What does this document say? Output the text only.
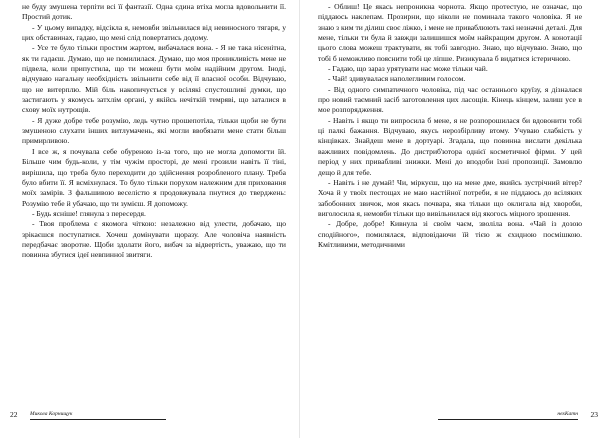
не буду змушена терпіти всі її фантазії. Одна єдина втіха могла вдовольнити її. Простий дотик.

- У цьому випадку, відсікла я, немовби звільнилася від невиносного тягаря, у цих обставинах, гадаю, що мені слід повертатись додому.

- Усе те було тільки простим жартом, вибачалася вона. - Я не така нісенітна, як ти гадаєш. Думаю, що не помилилася. Думаю, що моя проникливість мене не підвела, коли припустила, що ти можеш бути моїм надійним другом. Іноді, відчуваю нагальну необхідність звільнити себе від її власної особи. Відчуваю, що не витерплю. Мій біль накопичується у всілякі спустошливі думки, що застигають у якомусь затхлім органі, у якійсь нечіткій темряві, що заталися в схову моїх нутрощів.

- Я дуже добре тебе розумію, ледь чутно прошепотіла, тільки щоби не бути змушеною слухати інших витлумачень, які могли ввобязати мене стати більш примирливою.

І все ж, я почувала себе обуреною із-за того, що не могла допомогти їй. Більше чим будь-коли, у тім чужім просторі, де мені грозили навіть її тіні, вирішила, що треба було переходити до здійснення розробленого плану. Треба було вбити її. Я всміхнулася. То було тільки порухом належним для приховання моїх замірів. З фальшивою веселістю я продовжувала пнутися до тверджень: Розумію тебе й убачаю, що ти зумієш. Я допоможу.

- Будь ясніше! глянула з пересердя.

- Твоя проблема є якомога чіткою: незалежно від улести, добачаю, що зрікаєшся поступатися. Хочеш домінувати щоразу. Але чоловіча наявність передбачає зворотне. Щоби здолати його, вибач за відвертість, уважаю, що ти повинна збутися ідеї невпинної звитяги.

22 Микола Корнищук

- Облиш! Це якась непроникна чорнота. Якщо протестую, не означає, що піддаюсь наклепам. Прозирни, що ніколи не поминала такого чоловіка. Я не знаю з ким ти ділиш своє ліжко, і мене не приваблюють такі незначні деталі. Для мене, тільки ти була й завжди залишишся моїм найкращим другом. А конотації цього слова можеш трактувати, як тобі завгодно. Знаю, що відчуваю. Знаю, що тобі б неможливо пояснити тобі це ліпше. Ризикувала б видатися істеричною.

- Гадаю, що зараз урятувати нас може тільки чай.

- Чай! здивувалася наполегливим голосом.

- Від одного симпатичного чоловіка, під час останнього круїзу, я дізналася про новий таємний засіб заготовлення цих ласощів. Кінець кінцем, залиш усе в мое розпорядження.

- Навіть і якщо ти випросила б мене, я не розпорошилася би вдовонити тобі ці палкі бажання. Відчуваю, якусь нерозбірливу втому. Учуваю слабкість у кінцівках. Знайдеш мене в дортуарі. Згадала, що повинна вислати декілька важливих повідомлень. До дистриб'ютора однієї косметичної фірми. У цей період у них привабливі знижки. Мені до вподоби їхні пропозиції. Замовлю дещо й для тебе.

- Навіть і не думай! Чи, міркуєш, що на мене дме, якийсь зустрічний вітер? Хоча й у твоїх пестощах не маю настійної потреби, я не піддаюсь до всіляких забобонних звичок, моя якась почвара, яка тільки що оклигала від хвороби, виголосила я, немовби тільки що вивільнилася від якогось міцного зрошення.

- Добре, добре! Кивнула зі своїм чаєм, зволіла вона. «Чай із дозою сподійного», помилялася, відповідаючи їй тією ж єхидною посмішкою. Кмітливими, методичними

нехКатн 23
